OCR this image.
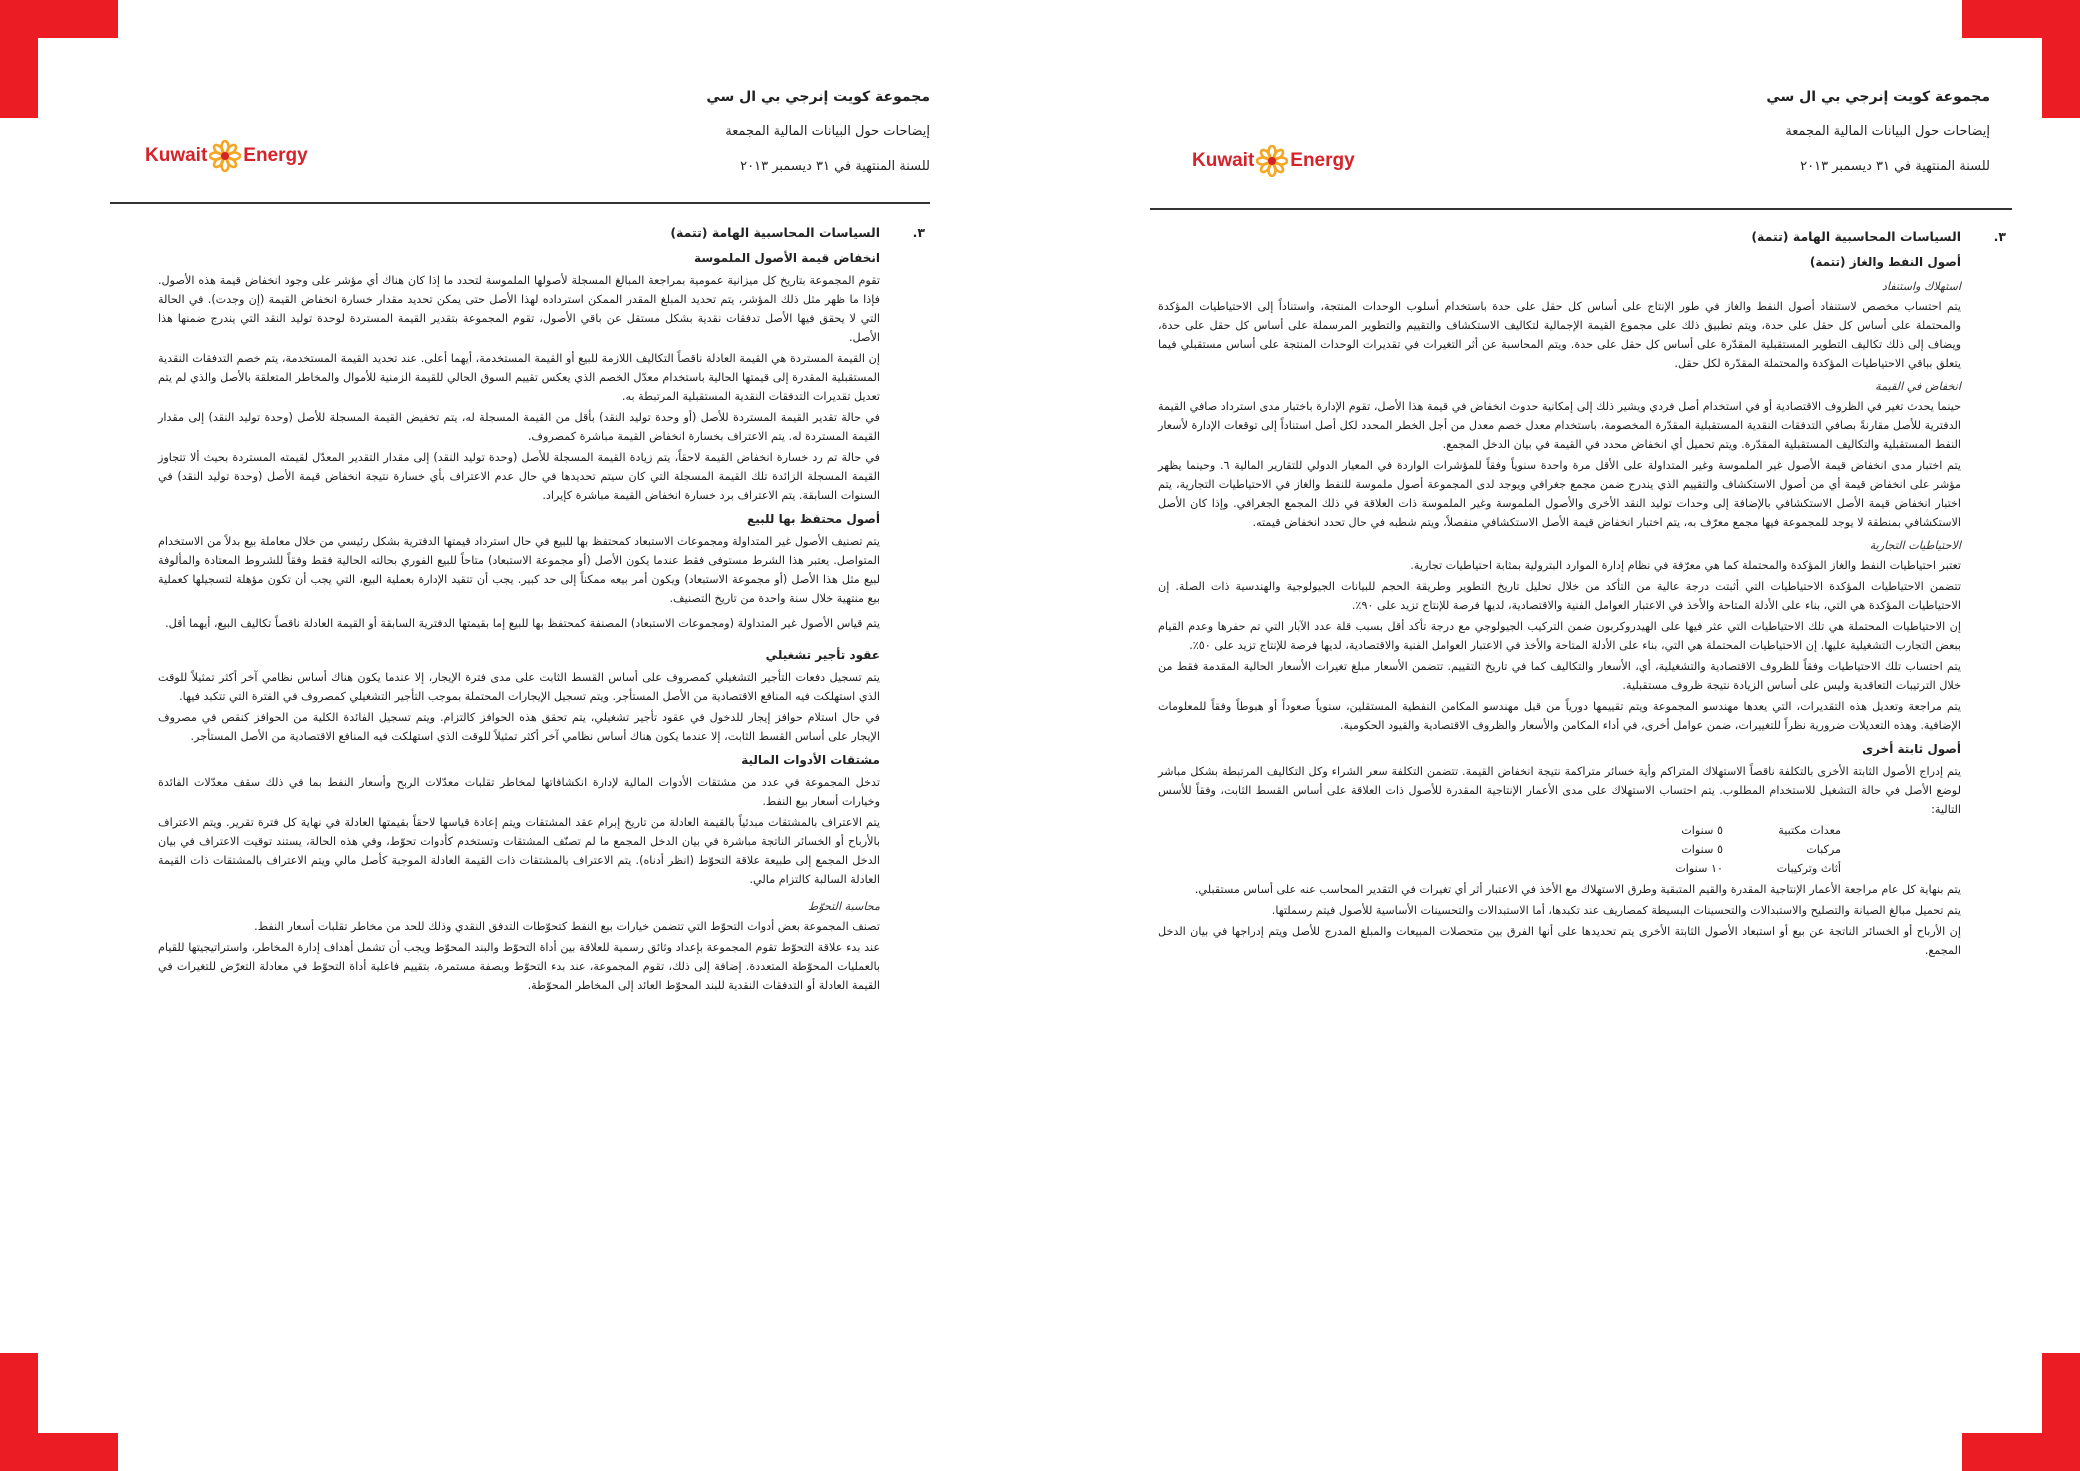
مجموعة كويت إنرجي بي ال سي
إيضاحات حول البيانات المالية المجمعة
للسنة المنتهية في ٣١ ديسمبر ٢٠١٣
Kuwait Energy
٣.
السياسات المحاسبية الهامة (تتمة)
انخفاض قيمة الأصول الملموسة

تقوم المجموعة بتاريخ كل ميزانية عمومية بمراجعة المبالغ المسجلة لأصولها الملموسة لتحدد ما إذا كان هناك أي مؤشر على وجود انخفاض قيمة هذه الأصول. فإذا ما ظهر مثل ذلك المؤشر، يتم تحديد المبلغ المقدر الممكن استرداده لهذا الأصل حتى يمكن تحديد مقدار خسارة انخفاض القيمة (إن وجدت). في الحالة التي لا يحقق فيها الأصل تدفقات نقدية بشكل مستقل عن باقي الأصول، تقوم المجموعة بتقدير القيمة المستردة لوحدة توليد النقد التي يندرج ضمنها هذا الأصل.

إن القيمة المستردة هي القيمة العادلة ناقصاً التكاليف اللازمة للبيع أو القيمة المستخدمة، أيهما أعلى. عند تحديد القيمة المستخدمة، يتم خصم التدفقات النقدية المستقبلية المقدرة إلى قيمتها الحالية باستخدام معدّل الخصم الذي يعكس تقييم السوق الحالي للقيمة الزمنية للأموال والمخاطر المتعلقة بالأصل والذي لم يتم تعديل تقديرات التدفقات النقدية المستقبلية المرتبطة به.

في حالة تقدير القيمة المستردة للأصل (أو وحدة توليد النقد) بأقل من القيمة المسجلة له، يتم تخفيض القيمة المسجلة للأصل (وحدة توليد النقد) إلى مقدار القيمة المستردة له. يتم الاعتراف بخسارة انخفاض القيمة مباشرة كمصروف.

في حالة تم رد خسارة انخفاض القيمة لاحقاً، يتم زيادة القيمة المسجلة للأصل (وحدة توليد النقد) إلى مقدار التقدير المعدّل لقيمته المستردة بحيث ألا تتجاوز القيمة المسجلة الزائدة تلك القيمة المسجلة التي كان سيتم تحديدها في حال عدم الاعتراف بأي خسارة نتيجة انخفاض قيمة الأصل (وحدة توليد النقد) في السنوات السابقة. يتم الاعتراف برد خسارة انخفاض القيمة مباشرة كإيراد.

أصول محتفظ بها للبيع

يتم تصنيف الأصول غير المتداولة ومجموعات الاستبعاد كمحتفظ بها للبيع في حال استرداد قيمتها الدفترية بشكل رئيسي من خلال معاملة بيع بدلاً من الاستخدام المتواصل. يعتبر هذا الشرط مستوفى فقط عندما يكون الأصل (أو مجموعة الاستبعاد) متاحاً للبيع الفوري بحالته الحالية فقط وفقاً للشروط المعتادة والمألوفة لبيع مثل هذا الأصل (أو مجموعة الاستبعاد) ويكون أمر بيعه ممكناً إلى حد كبير. يجب أن تتقيد الإدارة بعملية البيع، التي يجب أن تكون مؤهلة لتسجيلها كعملية بيع منتهية خلال سنة واحدة من تاريخ التصنيف.

يتم قياس الأصول غير المتداولة (ومجموعات الاستبعاد) المصنفة كمحتفظ بها للبيع إما بقيمتها الدفترية السابقة أو القيمة العادلة ناقصاً تكاليف البيع، أيهما أقل.

عقود تأجير تشغيلي

يتم تسجيل دفعات التأجير التشغيلي كمصروف على أساس القسط الثابت على مدى فترة الإيجار، إلا عندما يكون هناك أساس نظامي آخر أكثر تمثيلاً للوقت الذي استهلكت فيه المنافع الاقتصادية من الأصل المستأجر. ويتم تسجيل الإيجارات المحتملة بموجب التأجير التشغيلي كمصروف في الفترة التي تتكبد فيها.

في حال استلام حوافز إيجار للدخول في عقود تأجير تشغيلي، يتم تحقق هذه الحوافز كالتزام. ويتم تسجيل الفائدة الكلية من الحوافز كنقص في مصروف الإيجار على أساس القسط الثابت، إلا عندما يكون هناك أساس نظامي آخر أكثر تمثيلاً للوقت الذي استهلكت فيه المنافع الاقتصادية من الأصل المستأجر.

مشتقات الأدوات المالية

تدخل المجموعة في عدد من مشتقات الأدوات المالية لإدارة انكشافاتها لمخاطر تقلبات معدّلات الربح وأسعار النفط بما في ذلك سقف معدّلات الفائدة وخيارات أسعار بيع النفط.

يتم الاعتراف بالمشتقات مبدئياً بالقيمة العادلة من تاريخ إبرام عقد المشتقات ويتم إعادة قياسها لاحقاً بقيمتها العادلة في نهاية كل فترة تقرير. ويتم الاعتراف بالأرباح أو الخسائر الناتجة مباشرة في بيان الدخل المجمع ما لم تصنّف المشتقات وتستخدم كأدوات تحوّط، وفي هذه الحالة، يستند توقيت الاعتراف في بيان الدخل المجمع إلى طبيعة علاقة التحوّط (انظر أدناه). يتم الاعتراف بالمشتقات ذات القيمة العادلة الموجبة كأصل مالي ويتم الاعتراف بالمشتقات ذات القيمة العادلة السالبة كالتزام مالي.

محاسبة التحوّط

تصنف المجموعة بعض أدوات التحوّط التي تتضمن خيارات بيع النفط كتحوّطات التدفق النقدي وذلك للحد من مخاطر تقلبات أسعار النفط.

عند بدء علاقة التحوّط تقوم المجموعة بإعداد وثائق رسمية للعلاقة بين أداة التحوّط والبند المحوّط ويجب أن تشمل أهداف إدارة المخاطر، واستراتيجيتها للقيام بالعمليات المحوّطة المتعددة. إضافة إلى ذلك، تقوم المجموعة، عند بدء التحوّط وبصفة مستمرة، بتقييم فاعلية أداة التحوّط في معادلة التعرّض للتغيرات في القيمة العادلة أو التدفقات النقدية للبند المحوّط العائد إلى المخاطر المحوّطة.

مجموعة كويت إنرجي بي ال سي
إيضاحات حول البيانات المالية المجمعة
للسنة المنتهية في ٣١ ديسمبر ٢٠١٣
Kuwait Energy
٣.
السياسات المحاسبية الهامة (تتمة)
أصول النفط والغاز (تتمة)
استهلاك واستنفاد

يتم احتساب مخصص لاستنفاد أصول النفط والغاز في طور الإنتاج على أساس كل حقل على حدة باستخدام أسلوب الوحدات المنتجة، واستناداً إلى الاحتياطيات المؤكدة والمحتملة على أساس كل حقل على حدة، ويتم تطبيق ذلك على مجموع القيمة الإجمالية لتكاليف الاستكشاف والتقييم والتطوير المرسملة على أساس كل حقل على حدة، ويضاف إلى ذلك تكاليف التطوير المستقبلية المقدّرة على أساس كل حقل على حدة. ويتم المحاسبة عن أثر التغيرات في تقديرات الوحدات المنتجة على أساس مستقبلي فيما يتعلق بباقي الاحتياطيات المؤكدة والمحتملة المقدّرة لكل حقل.

انخفاض في القيمة

حينما يحدث تغير في الظروف الاقتصادية أو في استخدام أصل فردي ويشير ذلك إلى إمكانية حدوث انخفاض في قيمة هذا الأصل، تقوم الإدارة باختبار مدى استرداد صافي القيمة الدفترية للأصل مقارنةً بصافي التدفقات النقدية المستقبلية المقدّرة المخصومة، باستخدام معدل خصم معدل من أجل الخطر المحدد لكل أصل استناداً إلى توقعات الإدارة لأسعار النفط المستقبلية والتكاليف المستقبلية المقدّرة. ويتم تحميل أي انخفاض محدد في القيمة في بيان الدخل المجمع.

يتم اختبار مدى انخفاض قيمة الأصول غير الملموسة وغير المتداولة على الأقل مرة واحدة سنوياً وفقاً للمؤشرات الواردة في المعيار الدولي للتقارير المالية ٦. وحينما يظهر مؤشر على انخفاض قيمة أي من أصول الاستكشاف والتقييم الذي يندرج ضمن مجمع جغرافي ويوجد لدى المجموعة أصول ملموسة للنفط والغاز في الاحتياطيات التجارية، يتم اختبار انخفاض قيمة الأصل الاستكشافي بالإضافة إلى وحدات توليد النقد الأخرى والأصول الملموسة وغير الملموسة ذات العلاقة في ذلك المجمع الجغرافي. وإذا كان الأصل الاستكشافي بمنطقة لا يوجد للمجموعة فيها مجمع معرّف به، يتم اختبار انخفاض قيمة الأصل الاستكشافي منفصلاً، ويتم شطبه في حال تحدد انخفاض قيمته.

الاحتياطيات التجارية

تعتبر احتياطيات النفط والغاز المؤكدة والمحتملة كما هي معرّفة في نظام إدارة الموارد البترولية بمثابة احتياطيات تجارية.

تتضمن الاحتياطيات المؤكدة الاحتياطيات التي أثبتت درجة عالية من التأكد من خلال تحليل تاريخ التطوير وطريقة الحجم للبيانات الجيولوجية والهندسية ذات الصلة. إن الاحتياطيات المؤكدة هي التي، بناء على الأدلة المتاحة والأخذ في الاعتبار العوامل الفنية والاقتصادية، لديها فرصة للإنتاج تزيد على ٩٠٪.

إن الاحتياطيات المحتملة هي تلك الاحتياطيات التي عثر فيها على الهيدروكربون ضمن التركيب الجيولوجي مع درجة تأكد أقل بسبب قلة عدد الآبار التي تم حفرها وعدم القيام ببعض التجارب التشغيلية عليها. إن الاحتياطيات المحتملة هي التي، بناء على الأدلة المتاحة والأخذ في الاعتبار العوامل الفنية والاقتصادية، لديها فرصة للإنتاج تزيد على ٥٠٪.

يتم احتساب تلك الاحتياطيات وفقاً للظروف الاقتصادية والتشغيلية، أي، الأسعار والتكاليف كما في تاريخ التقييم. تتضمن الأسعار مبلغ تغيرات الأسعار الحالية المقدمة فقط من خلال الترتيبات التعاقدية وليس على أساس الزيادة نتيجة ظروف مستقبلية.

يتم مراجعة وتعديل هذه التقديرات، التي يعدها مهندسو المجموعة ويتم تقييمها دورياً من قبل مهندسو المكامن النفطية المستقلين، سنوياً صعوداً أو هبوطاً وفقاً للمعلومات الإضافية. وهذه التعديلات ضرورية نظراً للتغييرات، ضمن عوامل أخرى، في أداء المكامن والأسعار والظروف الاقتصادية والقيود الحكومية.

أصول ثابتة أخرى

يتم إدراج الأصول الثابتة الأخرى بالتكلفة ناقصاً الاستهلاك المتراكم وأية خسائر متراكمة نتيجة انخفاض القيمة. تتضمن التكلفة سعر الشراء وكل التكاليف المرتبطة بشكل مباشر لوضع الأصل في حالة التشغيل للاستخدام المطلوب. يتم احتساب الاستهلاك على مدى الأعمار الإنتاجية المقدرة للأصول ذات العلاقة على أساس القسط الثابت، وفقاً للأسس التالية:

معدات مكتبية
٥ سنوات
مركبات
٥ سنوات
أثاث وتركيبات
١٠ سنوات

يتم بنهاية كل عام مراجعة الأعمار الإنتاجية المقدرة والقيم المتبقية وطرق الاستهلاك مع الأخذ في الاعتبار أثر أي تغيرات في التقدير المحاسب عنه على أساس مستقبلي.

يتم تحميل مبالغ الصيانة والتصليح والاستبدالات والتحسينات البسيطة كمصاريف عند تكبدها، أما الاستبدالات والتحسينات الأساسية للأصول فيتم رسملتها.

إن الأرباح أو الخسائر الناتجة عن بيع أو استبعاد الأصول الثابتة الأخرى يتم تحديدها على أنها الفرق بين متحصلات المبيعات والمبلغ المدرج للأصل ويتم إدراجها في بيان الدخل المجمع.
